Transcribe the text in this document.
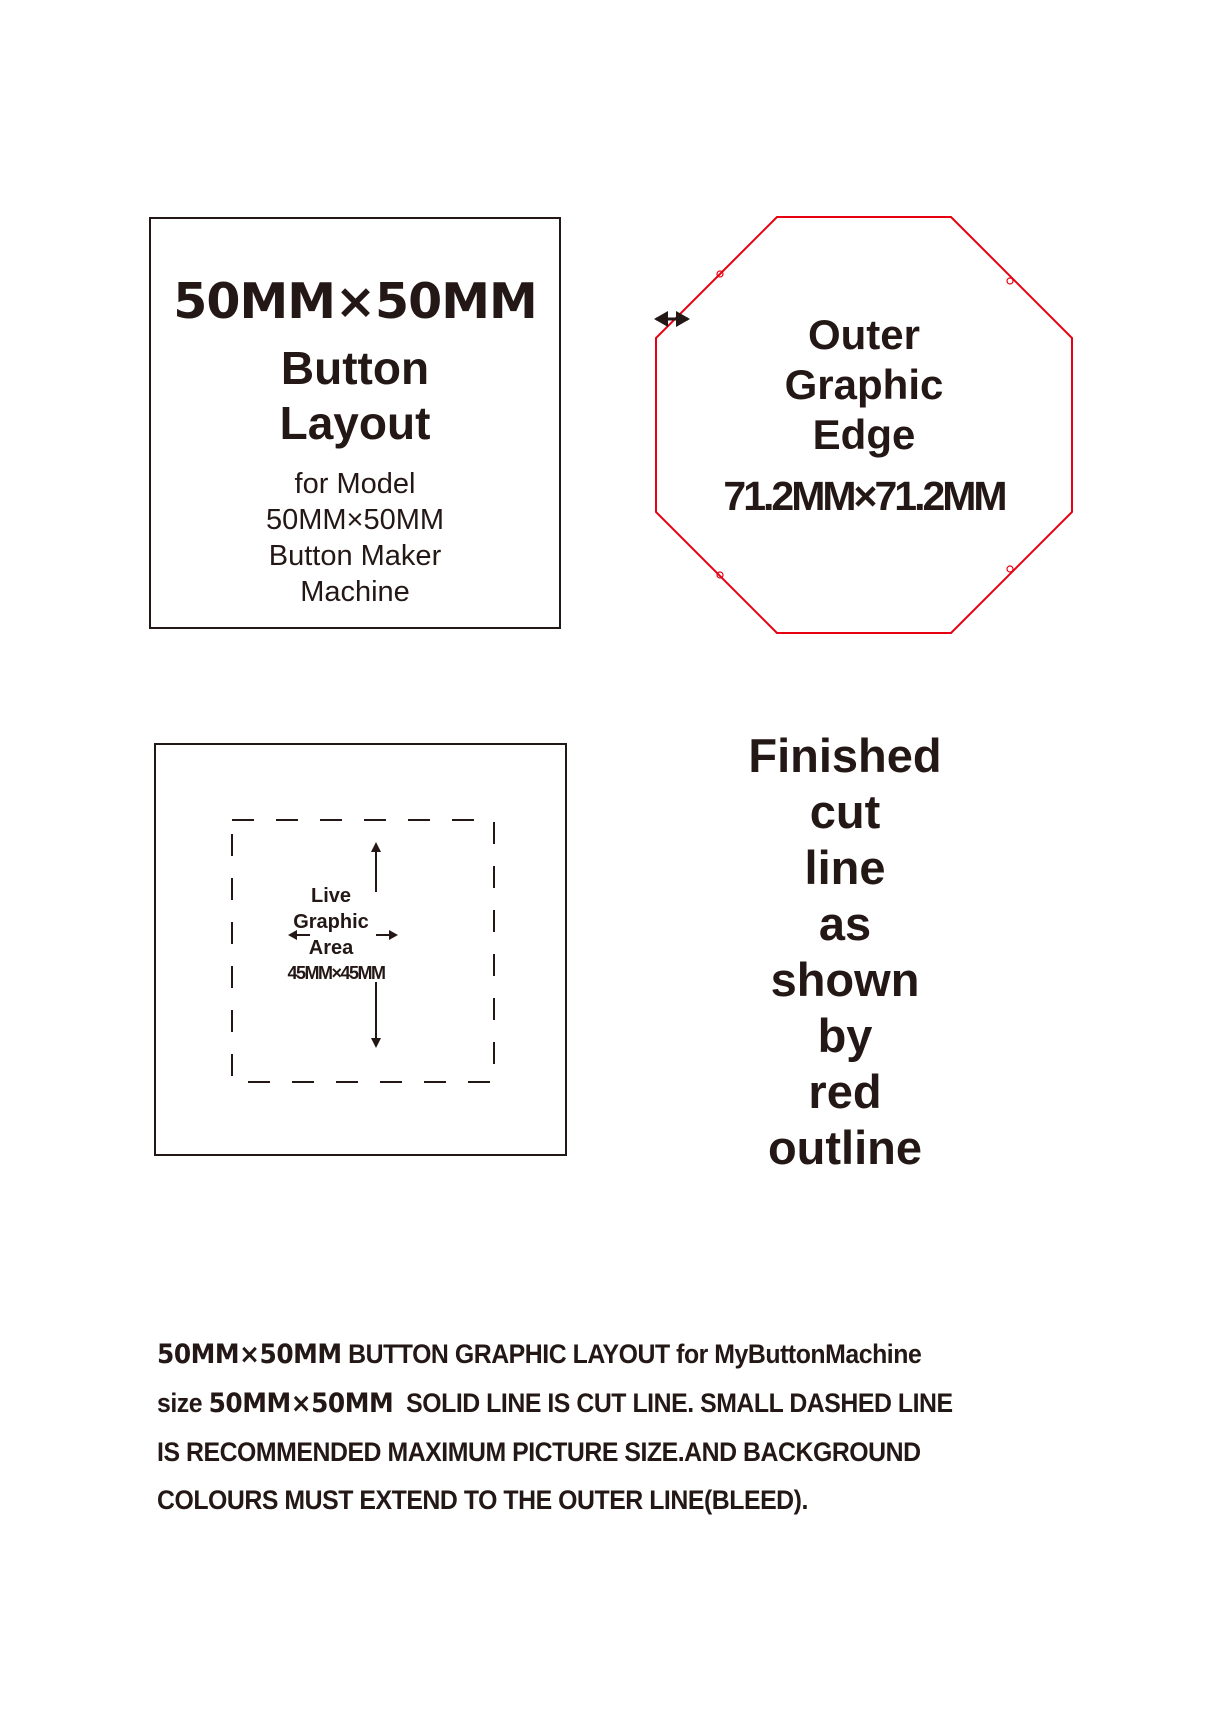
50MM×50MM
Button
Layout
for Model
50MM×50MM
Button Maker
Machine
Outer
Graphic
Edge
71.2MM×71.2MM
Live
Graphic
Area
45MM×45MM
Finished
cut
line
as
shown
by
red
outline
50MM×50MM BUTTON GRAPHIC LAYOUT for MyButtonMachine
size 50MM×50MM  SOLID LINE IS CUT LINE. SMALL DASHED LINE
IS RECOMMENDED MAXIMUM PICTURE SIZE.AND BACKGROUND
COLOURS MUST EXTEND TO THE OUTER LINE(BLEED).
